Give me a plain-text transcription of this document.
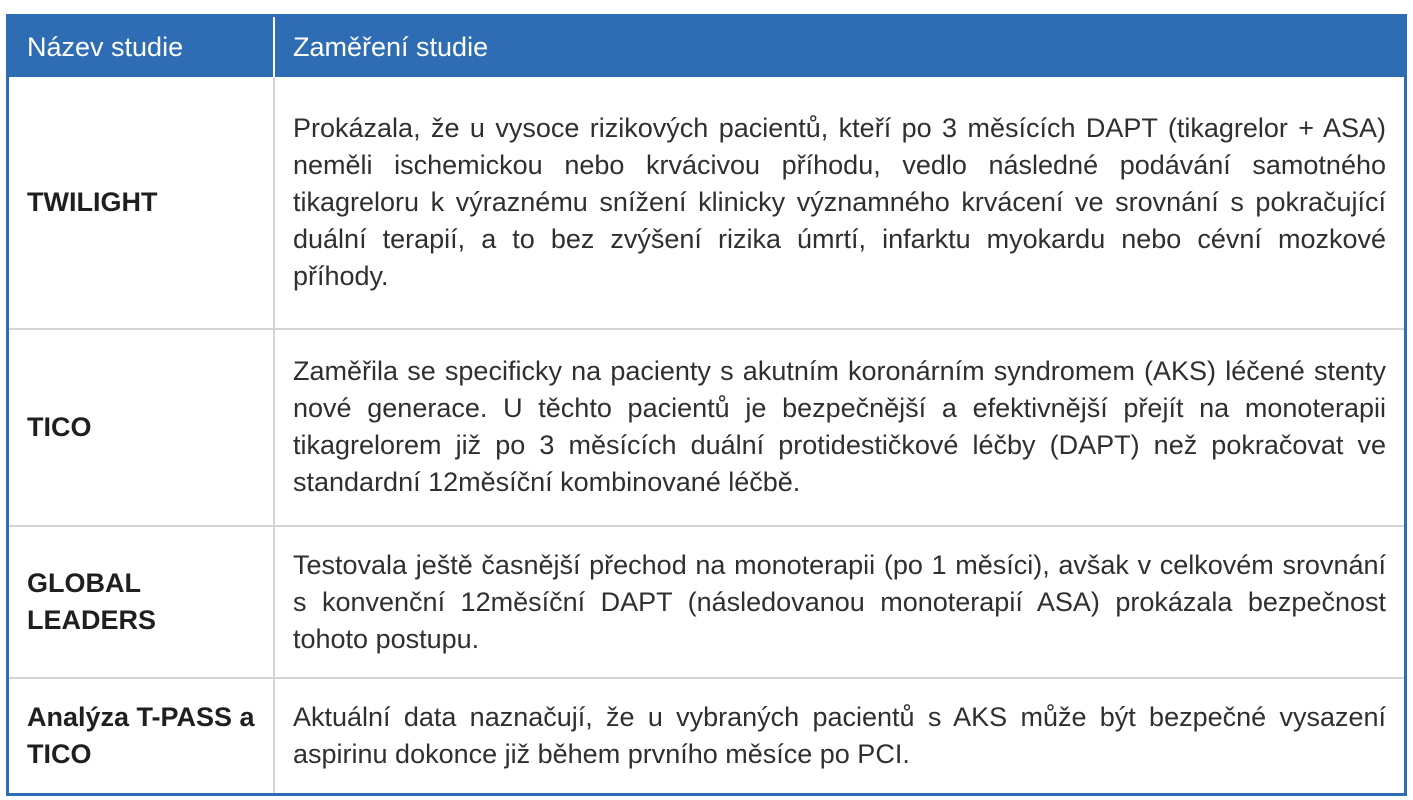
Název studie	Zaměření studie
TWILIGHT	Prokázala, že u vysoce rizikových pacientů, kteří po 3 měsících DAPT (tikagrelor + ASA) neměli ischemickou nebo krvácivou příhodu, vedlo následné podávání samotného tikagreloru k výraznému snížení klinicky významného krvácení ve srovnání s pokračující duální terapií, a to bez zvýšení rizika úmrtí, infarktu myokardu nebo cévní mozkové příhody.
TICO	Zaměřila se specificky na pacienty s akutním koronárním syndromem (AKS) léčené stenty nové generace. U těchto pacientů je bezpečnější a efektivnější přejít na monoterapii tikagrelorem již po 3 měsících duální protidestičkové léčby (DAPT) než pokračovat ve standardní 12měsíční kombinované léčbě.
GLOBAL LEADERS	Testovala ještě časnější přechod na monoterapii (po 1 měsíci), avšak v celkovém srovnání s konvenční 12měsíční DAPT (následovanou monoterapií ASA) prokázala bezpečnost tohoto postupu.
Analýza T-PASS a TICO	Aktuální data naznačují, že u vybraných pacientů s AKS může být bezpečné vysazení aspirinu dokonce již během prvního měsíce po PCI.
